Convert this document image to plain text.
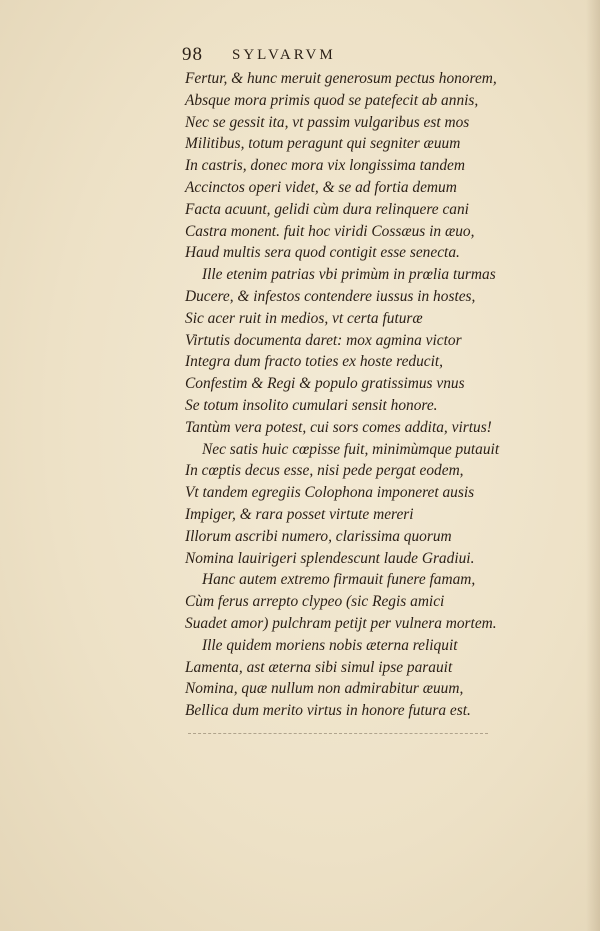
98 SYLVARVM
Fertur, & hunc meruit generosum pectus honorem,
Absque mora primis quod se patefecit ab annis,
Nec se gessit ita, vt passim vulgaribus est mos
Militibus, totum peragunt qui segniter æuum
In castris, donec mora vix longissima tandem
Accinctos operi videt, & se ad fortia demum
Facta acuunt, gelidi cùm dura relinquere cani
Castra monent. fuit hoc viridi Cossæus in æuo,
Haud multis sera quod contigit esse senecta.
Ille etenim patrias vbi primùm in prœlia turmas
Ducere, & infestos contendere iussus in hostes,
Sic acer ruit in medios, vt certa futuræ
Virtutis documenta daret: mox agmina victor
Integra dum fracto toties ex hoste reducit,
Confestim & Regi & populo gratissimus vnus
Se totum insolito cumulari sensit honore.
Tantùm vera potest, cui sors comes addita, virtus!
Nec satis huic cœpisse fuit, minimùmque putauit
In cœptis decus esse, nisi pede pergat eodem,
Vt tandem egregiis Colophona imponeret ausis
Impiger, & rara posset virtute mereri
Illorum ascribi numero, clarissima quorum
Nomina lauirigeri splendescunt laude Gradiui.
Hanc autem extremo firmauit funere famam,
Cùm ferus arrepto clypeo (sic Regis amici
Suadet amor) pulchram petijt per vulnera mortem.
Ille quidem moriens nobis æterna reliquit
Lamenta, ast æterna sibi simul ipse parauit
Nomina, quæ nullum non admirabitur æuum,
Bellica dum merito virtus in honore futura est.
